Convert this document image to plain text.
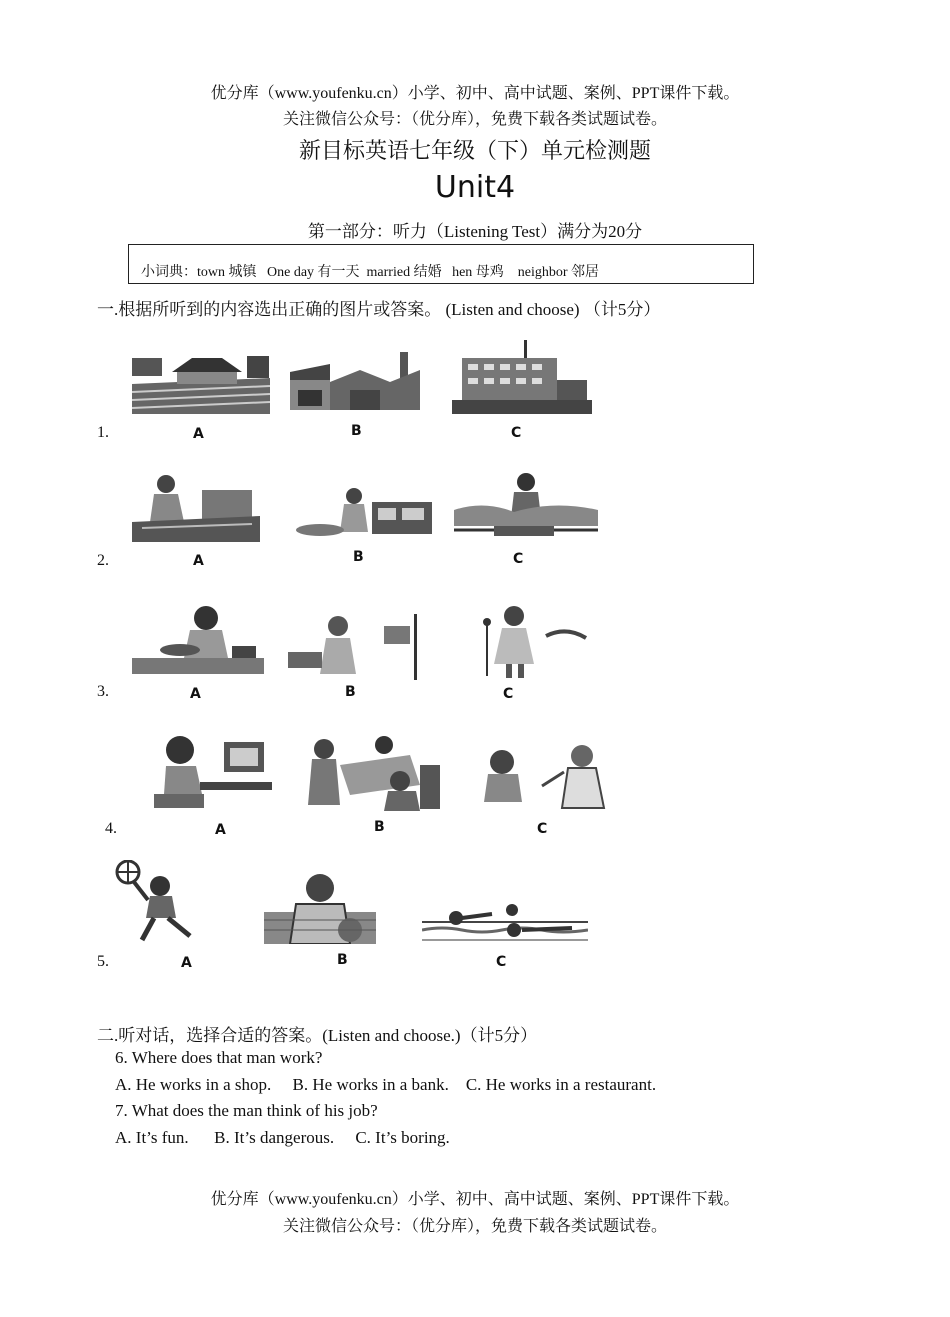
优分库（www.youfenku.cn）小学、初中、高中试题、案例、PPT课件下载。
关注微信公众号：（优分库），免费下载各类试题试卷。
新目标英语七年级（下）单元检测题
Unit4
第一部分：听力（Listening Test）满分为20分
小词典：town 城镇   One day 有一天  married 结婚   hen 母鸡    neighbor 邻居
一.根据所听到的内容选出正确的图片或答案。 (Listen and choose) （计5分）
1.	A	B	C
2.	A	B	C
3.	A	B	C
4.	A	B	C
5.	A	B	C
二.听对话，选择合适的答案。(Listen and choose.)（计5分）
6. Where does that man work?
A. He works in a shop.     B. He works in a bank.    C. He works in a restaurant.
7. What does the man think of his job?
A. It’s fun.      B. It’s dangerous.     C. It’s boring.
优分库（www.youfenku.cn）小学、初中、高中试题、案例、PPT课件下载。
关注微信公众号：（优分库），免费下载各类试题试卷。
